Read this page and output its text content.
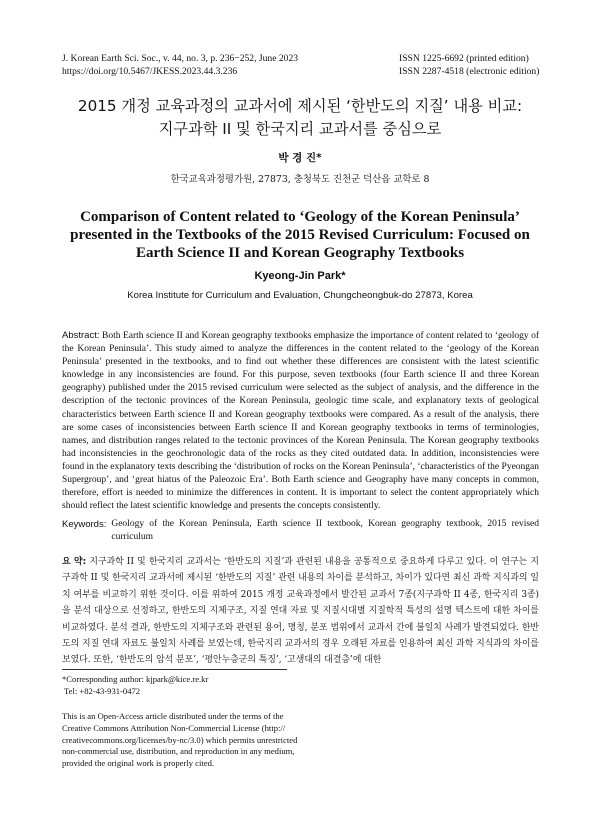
J. Korean Earth Sci. Soc., v. 44, no. 3, p. 236−252, June 2023
https://doi.org/10.5467/JKESS.2023.44.3.236
ISSN 1225-6692 (printed edition)
ISSN 2287-4518 (electronic edition)
2015 개정 교육과정의 교과서에 제시된 ‘한반도의 지질’ 내용 비교:
지구과학 II 및 한국지리 교과서를 중심으로
박 경 진*
한국교육과정평가원, 27873, 충청북도 진천군 덕산읍 교학로 8
Comparison of Content related to ‘Geology of the Korean Peninsula’ presented in the Textbooks of the 2015 Revised Curriculum: Focused on Earth Science II and Korean Geography Textbooks
Kyeong-Jin Park*
Korea Institute for Curriculum and Evaluation, Chungcheongbuk-do 27873, Korea
Abstract: Both Earth science II and Korean geography textbooks emphasize the importance of content related to ‘geology of the Korean Peninsula’. This study aimed to analyze the differences in the content related to the ‘geology of the Korean Peninsula’ presented in the textbooks, and to find out whether these differences are consistent with the latest scientific knowledge in any inconsistencies are found. For this purpose, seven textbooks (four Earth science II and three Korean geography) published under the 2015 revised curriculum were selected as the subject of analysis, and the difference in the description of the tectonic provinces of the Korean Peninsula, geologic time scale, and explanatory texts of geological characteristics between Earth science II and Korean geography textbooks were compared. As a result of the analysis, there are some cases of inconsistencies between Earth science II and Korean geography textbooks in terms of terminologies, names, and distribution ranges related to the tectonic provinces of the Korean Peninsula. The Korean geography textbooks had inconsistencies in the geochronologic data of the rocks as they cited outdated data. In addition, inconsistencies were found in the explanatory texts describing the ‘distribution of rocks on the Korean Peninsula’, ‘characteristics of the Pyeongan Supergroup’, and ‘great hiatus of the Paleozoic Era’. Both Earth science and Geography have many concepts in common, therefore, effort is needed to minimize the differences in content. It is important to select the content appropriately which should reflect the latest scientific knowledge and presents the concepts consistently.
Keywords: Geology of the Korean Peninsula, Earth science II textbook, Korean geography textbook, 2015 revised curriculum
요 약: 지구과학 II 및 한국지리 교과서는 ‘한반도의 지질’과 관련된 내용을 공통적으로 중요하게 다루고 있다. 이 연구는 지구과학 II 및 한국지리 교과서에 제시된 ‘한반도의 지질’ 관련 내용의 차이를 분석하고, 차이가 있다면 최신 과학 지식과의 일치 여부를 비교하기 위한 것이다. 이를 위하여 2015 개정 교육과정에서 발간된 교과서 7종(지구과학 II 4종, 한국지리 3종)을 분석 대상으로 선정하고, 한반도의 지체구조, 지질 연대 자료 및 지질시대별 지질학적 특성의 설명 텍스트에 대한 차이를 비교하였다. 분석 결과, 한반도의 지체구조와 관련된 용어, 명칭, 분포 범위에서 교과서 간에 불일치 사례가 발견되었다. 한반도의 지질 연대 자료도 불일치 사례를 보였는데, 한국지리 교과서의 경우 오래된 자료를 인용하여 최신 과학 지식과의 차이를 보였다. 또한, ‘한반도의 암석 분포’, ‘평안누층군의 특징’, ‘고생대의 대결층’에 대한
*Corresponding author: kjpark@kice.re.kr
Tel: +82-43-931-0472
This is an Open-Access article distributed under the terms of the
Creative Commons Attribution Non-Commercial License (http://
creativecommons.org/licenses/by-nc/3.0) which permits unrestricted
non-commercial use, distribution, and reproduction in any medium,
provided the original work is properly cited.
